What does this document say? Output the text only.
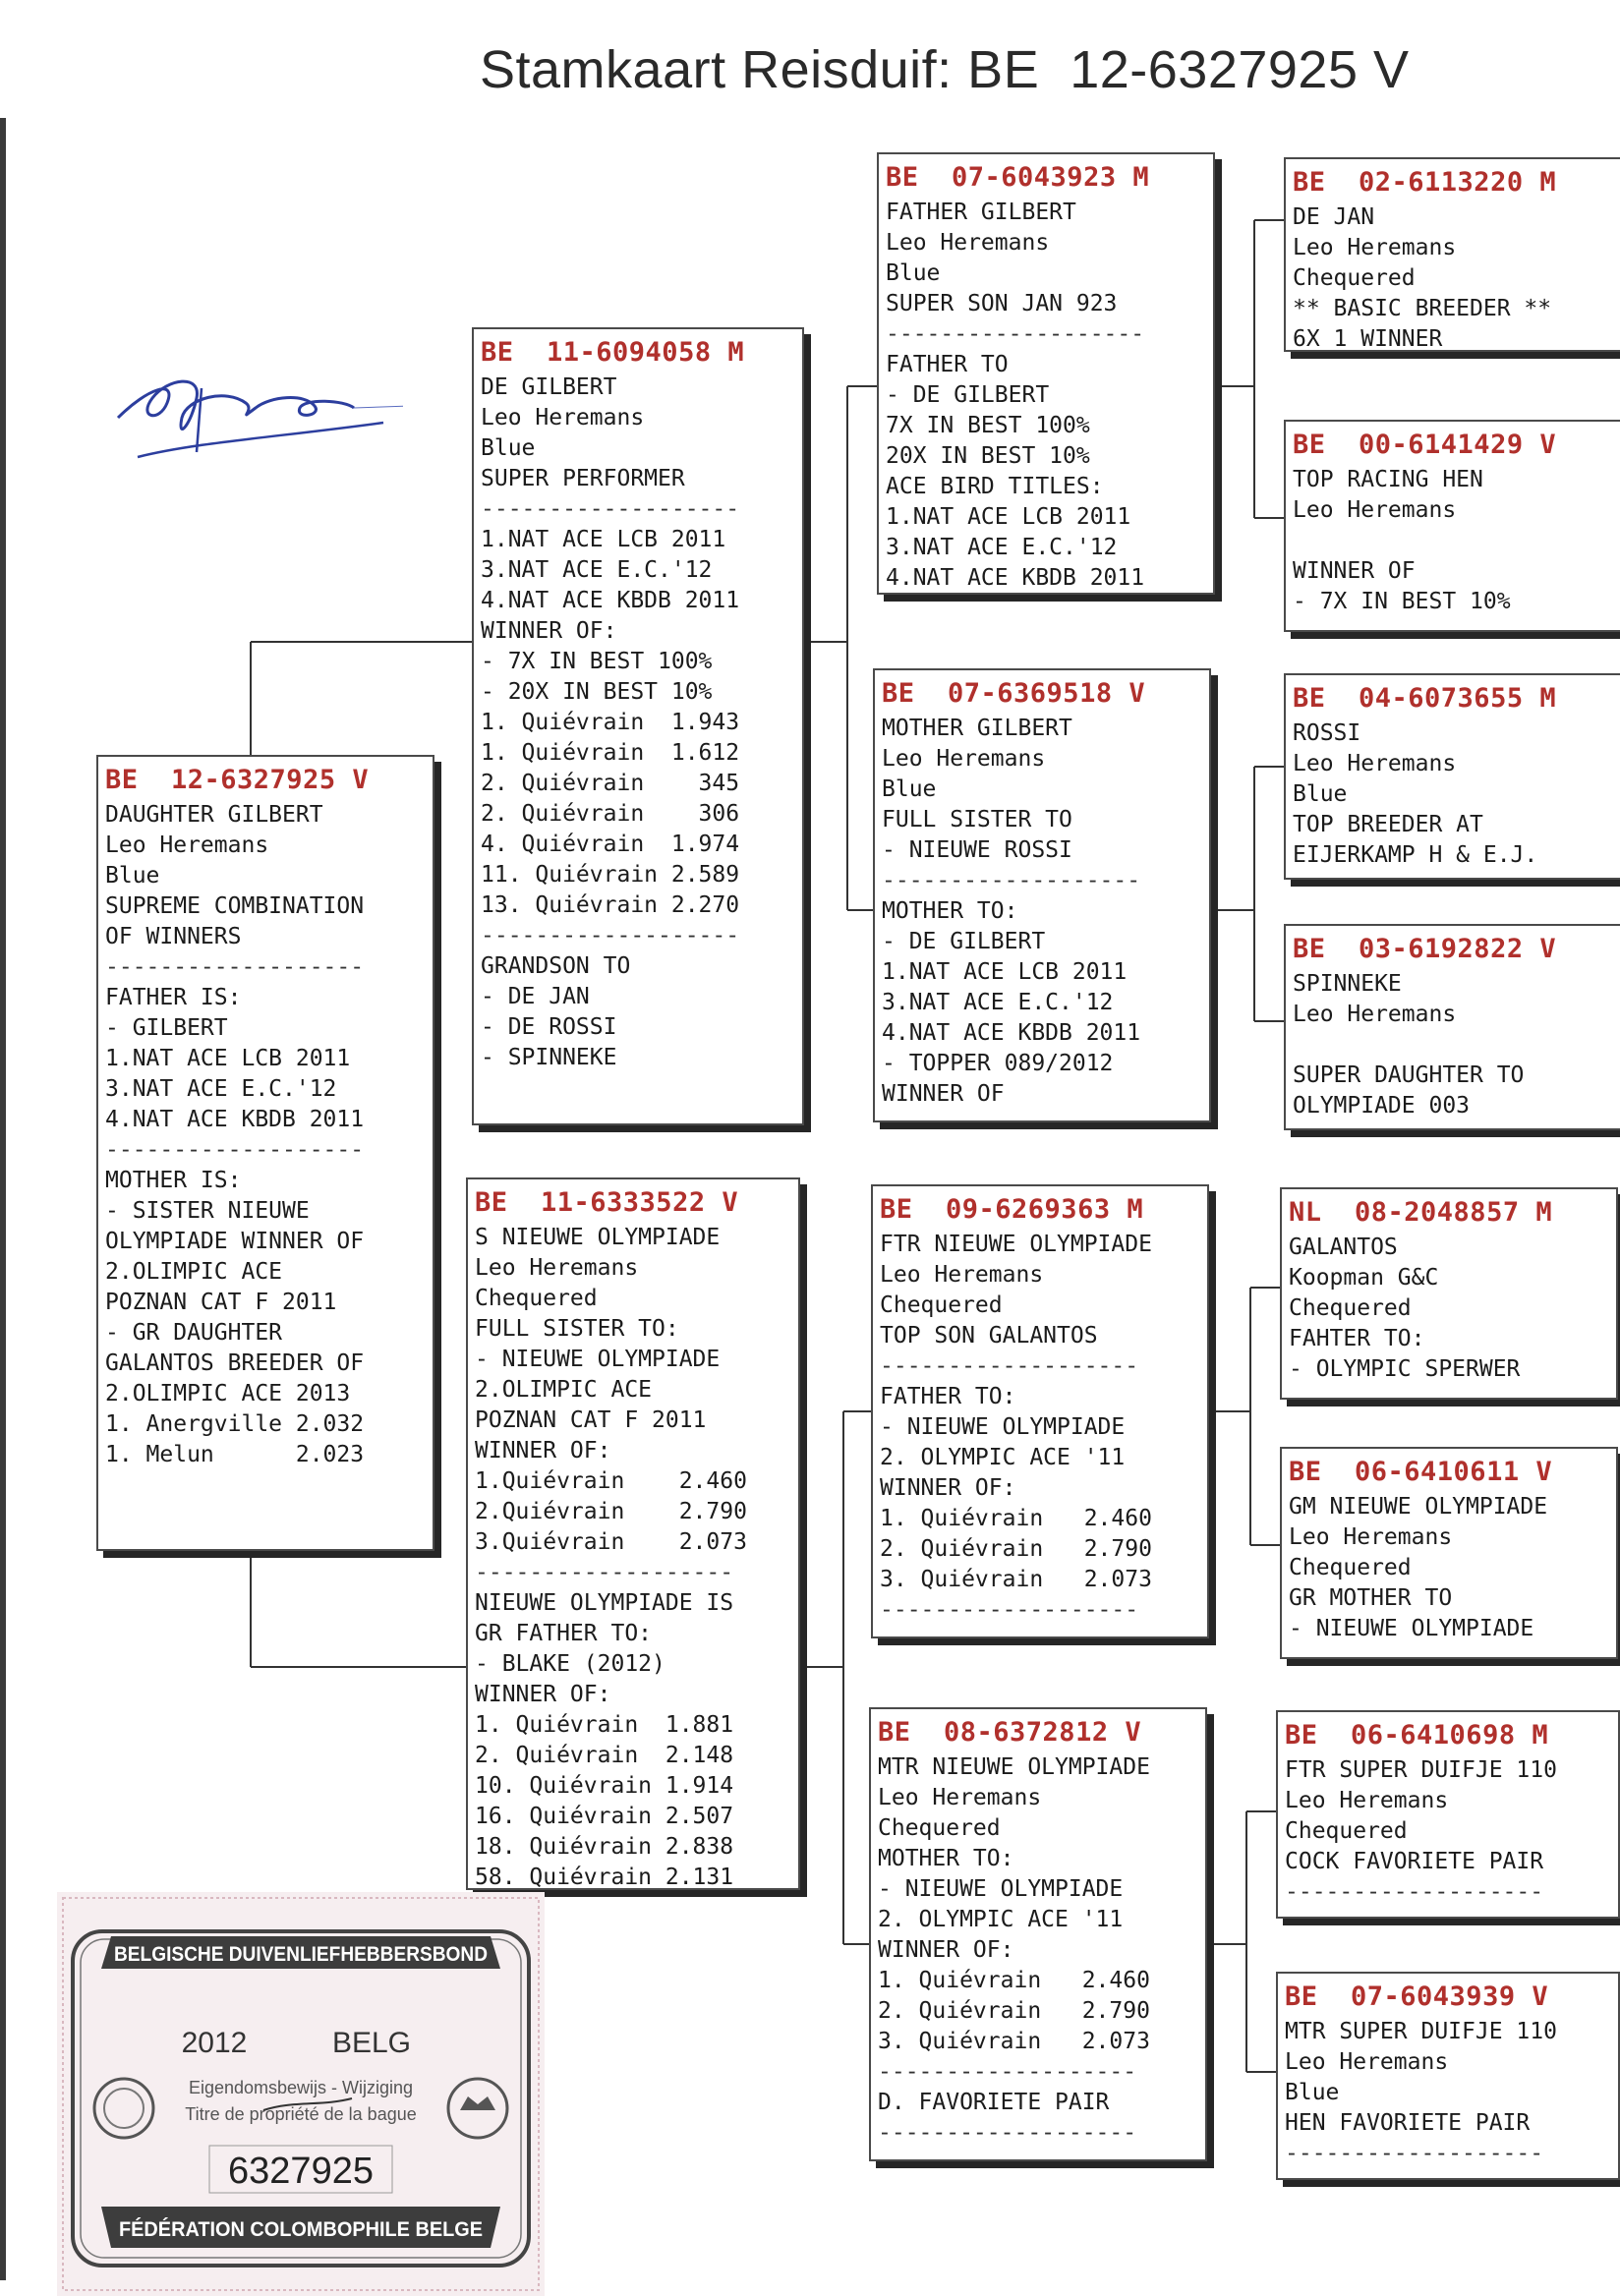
Stamkaart Reisduif: BE  12-6327925 V
BE  12-6327925 V
DAUGHTER GILBERT
Leo Heremans
Blue
SUPREME COMBINATION
OF WINNERS
-------------------
FATHER IS:
- GILBERT
1.NAT ACE LCB 2011
3.NAT ACE E.C.'12
4.NAT ACE KBDB 2011
-------------------
MOTHER IS:
- SISTER NIEUWE
OLYMPIADE WINNER OF
2.OLIMPIC ACE
POZNAN CAT F 2011
- GR DAUGHTER
GALANTOS BREEDER OF
2.OLIMPIC ACE 2013
1. Anergville 2.032
1. Melun      2.023
BE  11-6094058 M
DE GILBERT
Leo Heremans
Blue
SUPER PERFORMER
-------------------
1.NAT ACE LCB 2011
3.NAT ACE E.C.'12
4.NAT ACE KBDB 2011
WINNER OF:
- 7X IN BEST 100%
- 20X IN BEST 10%
1. Quiévrain  1.943
1. Quiévrain  1.612
2. Quiévrain    345
2. Quiévrain    306
4. Quiévrain  1.974
11. Quiévrain 2.589
13. Quiévrain 2.270
-------------------
GRANDSON TO
- DE JAN
- DE ROSSI
- SPINNEKE
BE  11-6333522 V
S NIEUWE OLYMPIADE
Leo Heremans
Chequered
FULL SISTER TO:
- NIEUWE OLYMPIADE
2.OLIMPIC ACE
POZNAN CAT F 2011
WINNER OF:
1.Quiévrain    2.460
2.Quiévrain    2.790
3.Quiévrain    2.073
-------------------
NIEUWE OLYMPIADE IS
GR FATHER TO:
- BLAKE (2012)
WINNER OF:
1. Quiévrain  1.881
2. Quiévrain  2.148
10. Quiévrain 1.914
16. Quiévrain 2.507
18. Quiévrain 2.838
58. Quiévrain 2.131
BE  07-6043923 M
FATHER GILBERT
Leo Heremans
Blue
SUPER SON JAN 923
-------------------
FATHER TO
- DE GILBERT
7X IN BEST 100%
20X IN BEST 10%
ACE BIRD TITLES:
1.NAT ACE LCB 2011
3.NAT ACE E.C.'12
4.NAT ACE KBDB 2011
BE  07-6369518 V
MOTHER GILBERT
Leo Heremans
Blue
FULL SISTER TO
- NIEUWE ROSSI
-------------------
MOTHER TO:
- DE GILBERT
1.NAT ACE LCB 2011
3.NAT ACE E.C.'12
4.NAT ACE KBDB 2011
- TOPPER 089/2012
WINNER OF
BE  09-6269363 M
FTR NIEUWE OLYMPIADE
Leo Heremans
Chequered
TOP SON GALANTOS
-------------------
FATHER TO:
- NIEUWE OLYMPIADE
2. OLYMPIC ACE '11
WINNER OF:
1. Quiévrain   2.460
2. Quiévrain   2.790
3. Quiévrain   2.073
-------------------
BE  08-6372812 V
MTR NIEUWE OLYMPIADE
Leo Heremans
Chequered
MOTHER TO:
- NIEUWE OLYMPIADE
2. OLYMPIC ACE '11
WINNER OF:
1. Quiévrain   2.460
2. Quiévrain   2.790
3. Quiévrain   2.073
-------------------
D. FAVORIETE PAIR
-------------------
BE  02-6113220 M
DE JAN
Leo Heremans
Chequered
** BASIC BREEDER **
6X 1 WINNER
BE  00-6141429 V
TOP RACING HEN
Leo Heremans
WINNER OF
- 7X IN BEST 10%
BE  04-6073655 M
ROSSI
Leo Heremans
Blue
TOP BREEDER AT
EIJERKAMP H & E.J.
BE  03-6192822 V
SPINNEKE
Leo Heremans
SUPER DAUGHTER TO
OLYMPIADE 003
NL  08-2048857 M
GALANTOS
Koopman G&C
Chequered
FAHTER TO:
- OLYMPIC SPERWER
BE  06-6410611 V
GM NIEUWE OLYMPIADE
Leo Heremans
Chequered
GR MOTHER TO
- NIEUWE OLYMPIADE
BE  06-6410698 M
FTR SUPER DUIFJE 110
Leo Heremans
Chequered
COCK FAVORIETE PAIR
-------------------
BE  07-6043939 V
MTR SUPER DUIFJE 110
Leo Heremans
Blue
HEN FAVORIETE PAIR
-------------------
BELGISCHE DUIVENLIEFHEBBERSBOND
2012	BELG
Eigendomsbewijs - Wijziging
Titre de propriété de la bague
6327925
FÉDÉRATION COLOMBOPHILE BELGE
